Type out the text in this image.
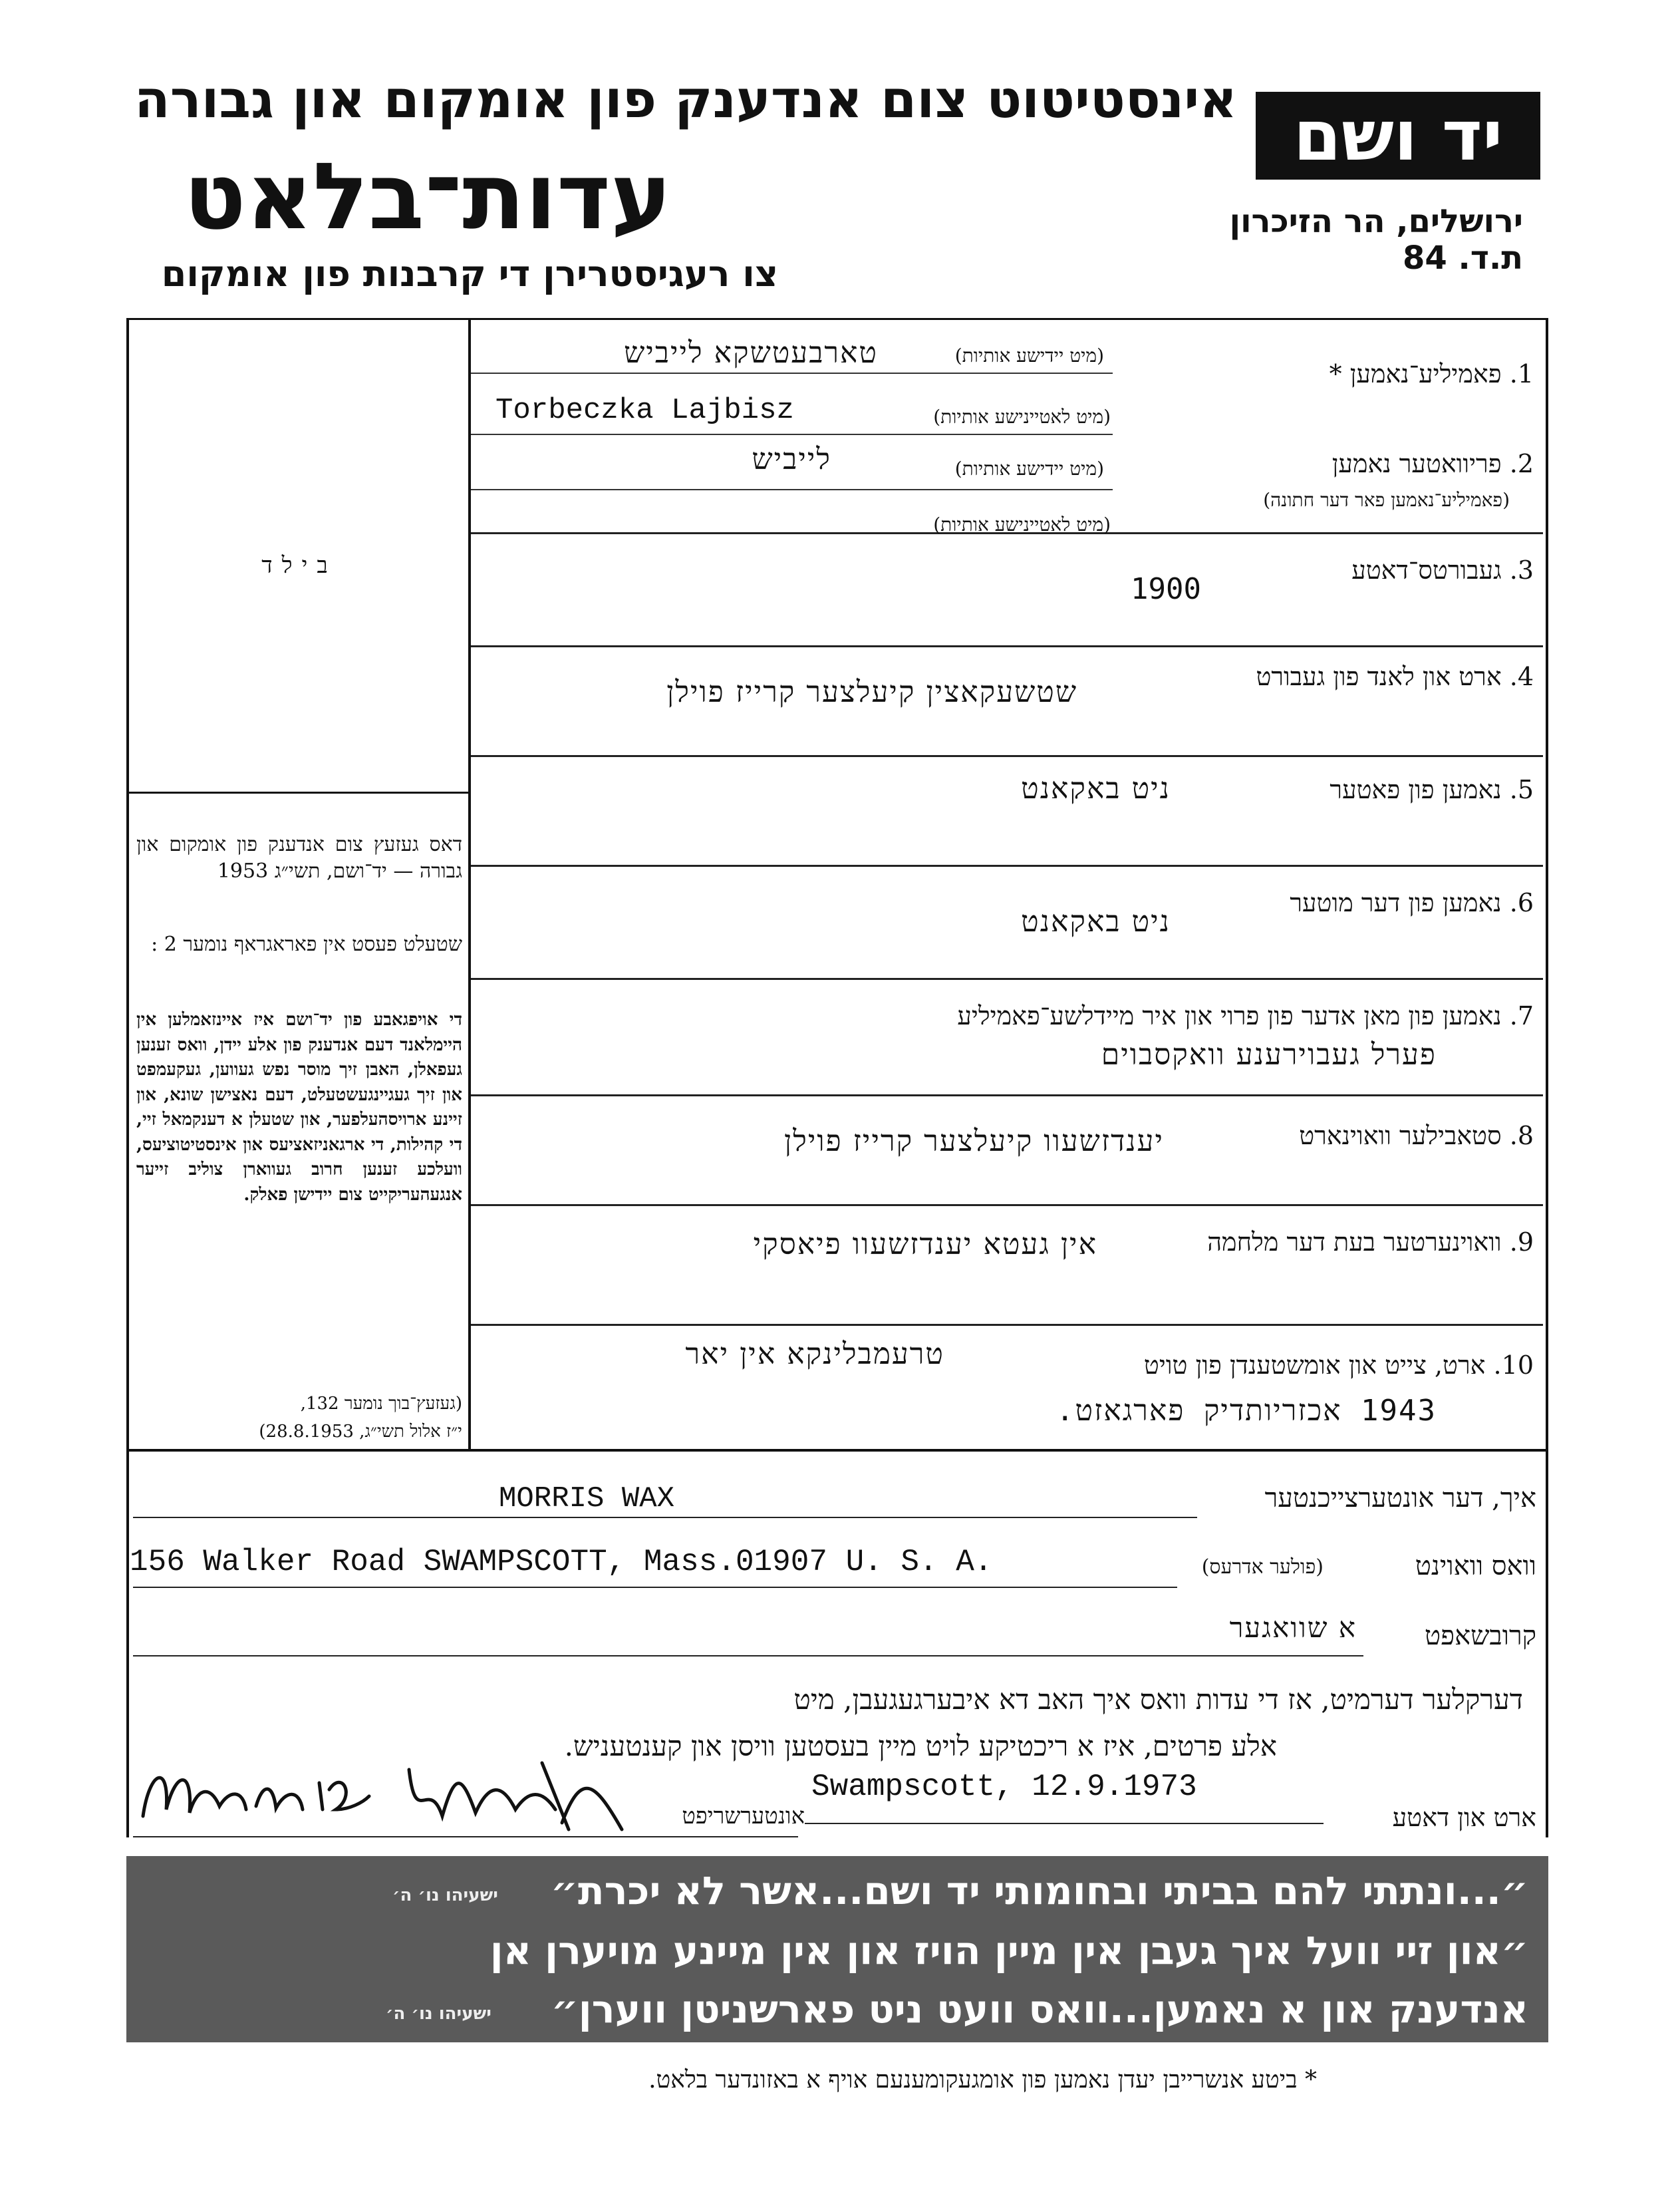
יד ושם
אינסטיטוט צום אנדענק פון אומקום און גבורה
עדות־בלאט
צו רעגיסטרירן די קרבנות פון אומקום
ירושלים, הר הזיכרון
ת.ד. 84
1. פאמיליע־נאמען *
(מיט יידישע אותיות)
טארבעטשקא לייביש
(מיט לאטיינישע אותיות)
Torbeczka Lajbisz
2. פריוואטער נאמען
(פאמיליע־נאמען פאר דער חתונה)
(מיט יידישע אותיות)
לייביש
(מיט לאטיינישע אותיות)
3. געבורטס־דאטע
1900
4. ארט און לאנד פון געבורט
שטשעקאצין קיעלצער קרייז פוילן
5. נאמען פון פאטער
ניט באקאנט
6. נאמען פון דער מוטער
ניט באקאנט
7. נאמען פון מאן אדער פון פרוי און איר מיידלשע־פאמיליע
פערל געבוירענע וואקסבוים
8. סטאבילער וואוינארט
יענדזשעוו קיעלצער קרייז פוילן
9. וואוינערטער בעת דער מלחמה
אין געטא יענדזשעוו פיאסקי
10. ארט, צייט און אומשטענדן פון טויט
טרעמבלינקא אין יאר
1943 אכזריותדיק פארגאזט.
בילד
דאס געזעץ צום אנדענק פון אומקום און גבורה — יד־ושם, תשי״ג 1953
שטעלט פעסט אין פאראגראף נומער 2 :
די אויפגאבע פון יד־ושם איז איינזאמלען אין היימלאנד דעם אנדענק פון אלע יידן, וואס זענען געפאלן, האבן זיך מוסר נפש געווען, געקעמפט און זיך געגיינגעשטעלט, דעם נאצישן שונא, און זיינע ארויסהעלפער, און שטעלן א דענקמאל זיי, די קהילות, די ארגאניזאציעס און אינסטיטוציעס, וועלכע זענען חרוב געווארן צוליב זייער אנגעהעריקייט צום יידישן פאלק.
(געזעץ־בוך נומער 132,
י״ז אלול תשי״ג, 28.8.1953)
איך, דער אונטערצייכנטער
MORRIS WAX
וואס וואוינט
(פולער אדרעס)
156 Walker Road SWAMPSCOTT, Mass.01907 U. S. A.
קרובשאפט
א שוואגער
דערקלער דערמיט, אז די עדות וואס איך האב דא איבערגעגעבן, מיט
אלע פרטים, איז א ריכטיקע לויט מיין בעסטען וויסן און קענטעניש.
אונטערשריפט
Swampscott, 12.9.1973
ארט און דאטע
״...ונתתי להם בביתי ובחומותי יד ושם...אשר לא יכרת״
ישעיהו נו׳ ה׳
״און זיי וועל איך געבן אין מיין הויז און אין מיינע מויערן אן
אנדענק און א נאמען...וואס וועט ניט פארשניטן ווערן״
ישעיהו נו׳ ה׳
* ביטע אנשרייבן יעדן נאמען פון אומגעקומענעם אויף א באזונדער בלאט.
